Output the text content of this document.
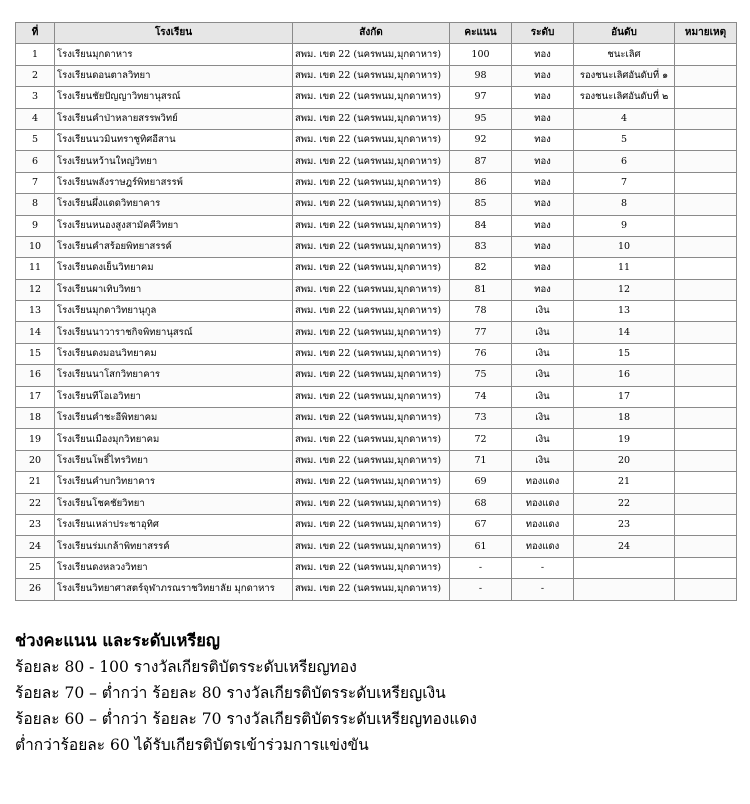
ที่	โรงเรียน	สังกัด	คะแนน	ระดับ	อันดับ	หมายเหตุ
1	โรงเรียนมุกดาหาร	สพม. เขต 22 (นครพนม,มุกดาหาร)	100	ทอง	ชนะเลิศ	
2	โรงเรียนดอนตาลวิทยา	สพม. เขต 22 (นครพนม,มุกดาหาร)	98	ทอง	รองชนะเลิศอันดับที่ ๑	
3	โรงเรียนชัยปัญญาวิทยานุสรณ์	สพม. เขต 22 (นครพนม,มุกดาหาร)	97	ทอง	รองชนะเลิศอันดับที่ ๒	
4	โรงเรียนคำป่าหลายสรรพวิทย์	สพม. เขต 22 (นครพนม,มุกดาหาร)	95	ทอง	4	
5	โรงเรียนนวมินทราชูทิศอีสาน	สพม. เขต 22 (นครพนม,มุกดาหาร)	92	ทอง	5	
6	โรงเรียนหว้านใหญ่วิทยา	สพม. เขต 22 (นครพนม,มุกดาหาร)	87	ทอง	6	
7	โรงเรียนพลังราษฎร์พิทยาสรรพ์	สพม. เขต 22 (นครพนม,มุกดาหาร)	86	ทอง	7	
8	โรงเรียนผึ่งแดดวิทยาคาร	สพม. เขต 22 (นครพนม,มุกดาหาร)	85	ทอง	8	
9	โรงเรียนหนองสูงสามัคคีวิทยา	สพม. เขต 22 (นครพนม,มุกดาหาร)	84	ทอง	9	
10	โรงเรียนคำสร้อยพิทยาสรรค์	สพม. เขต 22 (นครพนม,มุกดาหาร)	83	ทอง	10	
11	โรงเรียนดงเย็นวิทยาคม	สพม. เขต 22 (นครพนม,มุกดาหาร)	82	ทอง	11	
12	โรงเรียนผาเทิบวิทยา	สพม. เขต 22 (นครพนม,มุกดาหาร)	81	ทอง	12	
13	โรงเรียนมุกดาวิทยานุกูล	สพม. เขต 22 (นครพนม,มุกดาหาร)	78	เงิน	13	
14	โรงเรียนนาวาราชกิจพิทยานุสรณ์	สพม. เขต 22 (นครพนม,มุกดาหาร)	77	เงิน	14	
15	โรงเรียนดงมอนวิทยาคม	สพม. เขต 22 (นครพนม,มุกดาหาร)	76	เงิน	15	
16	โรงเรียนนาโสกวิทยาคาร	สพม. เขต 22 (นครพนม,มุกดาหาร)	75	เงิน	16	
17	โรงเรียนทีโอเอวิทยา	สพม. เขต 22 (นครพนม,มุกดาหาร)	74	เงิน	17	
18	โรงเรียนคำชะอีพิทยาคม	สพม. เขต 22 (นครพนม,มุกดาหาร)	73	เงิน	18	
19	โรงเรียนเมืองมุกวิทยาคม	สพม. เขต 22 (นครพนม,มุกดาหาร)	72	เงิน	19	
20	โรงเรียนโพธิ์ไทรวิทยา	สพม. เขต 22 (นครพนม,มุกดาหาร)	71	เงิน	20	
21	โรงเรียนคำบกวิทยาคาร	สพม. เขต 22 (นครพนม,มุกดาหาร)	69	ทองแดง	21	
22	โรงเรียนโชคชัยวิทยา	สพม. เขต 22 (นครพนม,มุกดาหาร)	68	ทองแดง	22	
23	โรงเรียนเหล่าประชาอุทิศ	สพม. เขต 22 (นครพนม,มุกดาหาร)	67	ทองแดง	23	
24	โรงเรียนร่มเกล้าพิทยาสรรค์	สพม. เขต 22 (นครพนม,มุกดาหาร)	61	ทองแดง	24	
25	โรงเรียนดงหลวงวิทยา	สพม. เขต 22 (นครพนม,มุกดาหาร)	-	-		
26	โรงเรียนวิทยาศาสตร์จุฬาภรณราชวิทยาลัย มุกดาหาร	สพม. เขต 22 (นครพนม,มุกดาหาร)	-	-		
ช่วงคะแนน และระดับเหรียญ
ร้อยละ 80 - 100 รางวัลเกียรติบัตรระดับเหรียญทอง
ร้อยละ 70 – ต่ำกว่า ร้อยละ 80 รางวัลเกียรติบัตรระดับเหรียญเงิน
ร้อยละ 60 – ต่ำกว่า ร้อยละ 70 รางวัลเกียรติบัตรระดับเหรียญทองแดง
ต่ำกว่าร้อยละ 60 ได้รับเกียรติบัตรเข้าร่วมการแข่งขัน
